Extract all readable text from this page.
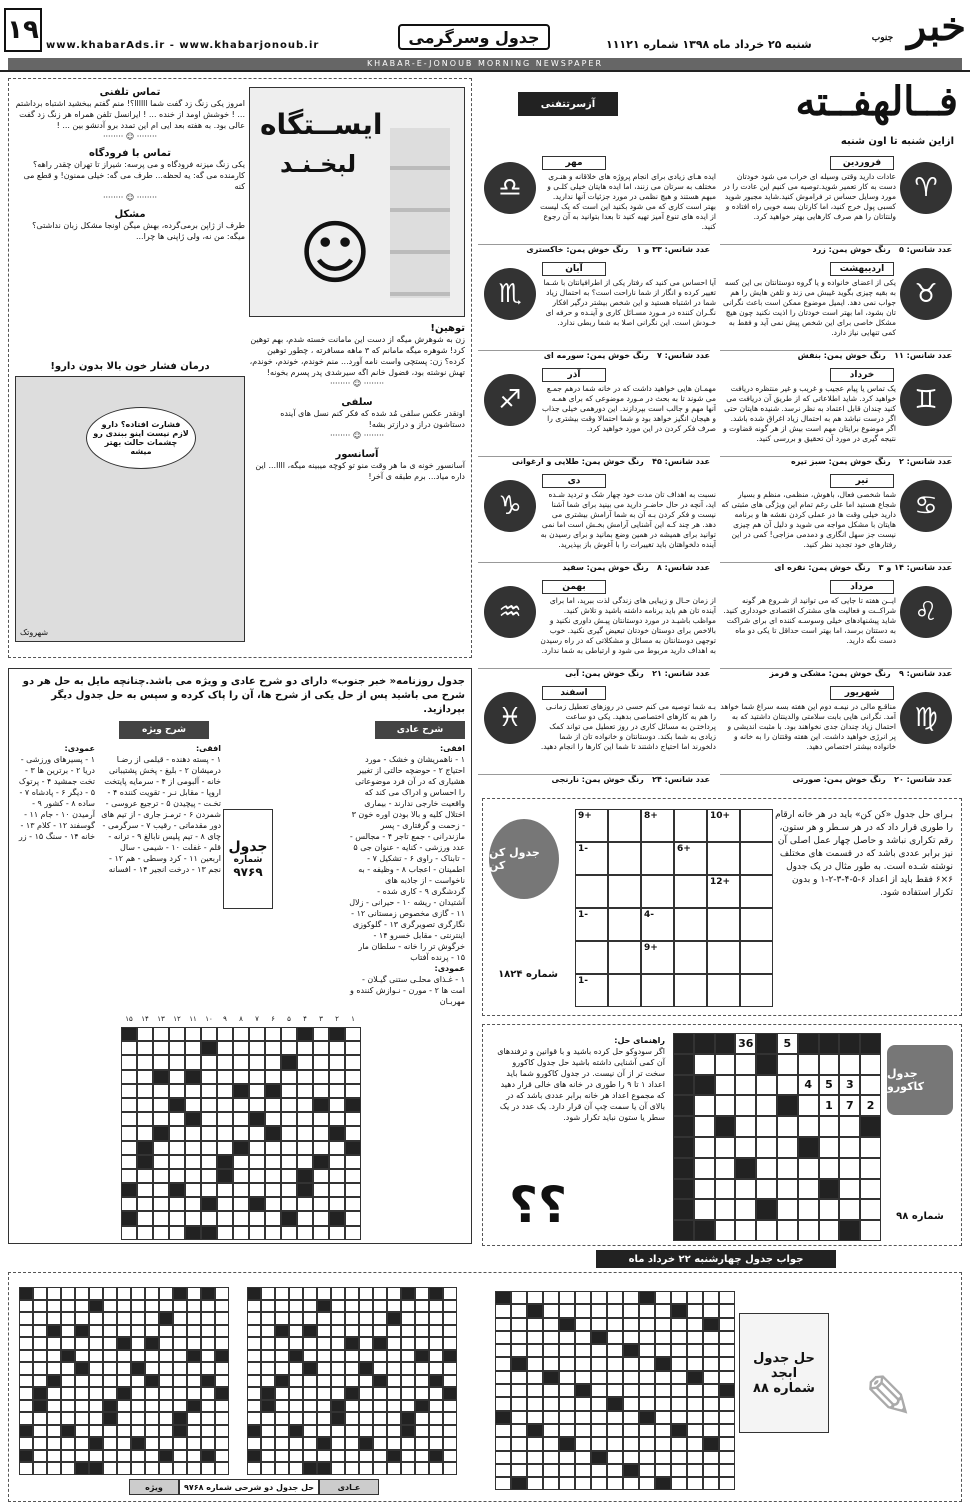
۱۹
www.khabarAds.ir - www.khabarjonoub.ir	جدول وسرگرمی	شنبه ۲۵ خرداد ماه ۱۳۹۸ شماره ۱۱۱۲۱	خبر جنوب
KHABAR-E-JONOUB MORNING NEWSPAPER
تماس تلفنی

امروز یکی زنگ زد گفت شما اااااا؟! منم گفتم ببخشید اشتباه برداشتم ... ! خوشش اومد از خنده ... ! ایرانسل تلفن همراه هر زنگ زد گفت عالی بود. به هفته بعد ایی ام این تمدد برو آدنشو بین ... !

········ ☺ ········
تماس با فرودگاه

یکی زنگ میزنه فرودگاه و می پرسه: شیراز تا تهران چقدر راهه؟ کارمنده می گه: یه لحظه... طرف می گه: خیلی ممنون! و قطع می کنه

········ ☺ ········
مشکل

طرف از ژاپن برمی‌گرده، بهش میگن اونجا مشکل زبان نداشتی؟ میگه: من نه، ولی ژاپنی ها چرا...

ایســتگاه
لبخـنـد
☺
درمان فشار خون بالا بدون دارو!
فشارت افتاده؟ دارو لازم نیست اینو ببندی رو چشمات حالت بهتر میشه
شهروتک
توهین!

زن به شوهرش میگه از دست این مامانت خسته شدم، بهم توهین کرد! شوهره میگه مامانم که ۳ ماهه مسافرته ، چطور توهین کرده؟ زن: پستچی واست نامه آورد... منم خوندم، خوندم، خوندم، تهش نوشته بود، فضول خانم اگه سیرشدی پدر پسرم بخونه!

········ ☺ ········
سلفی

اونقدر عکس سلفی مُد شده که فکر کنم نسل های آینده دستاشون دراز و درازتر بشه!

········ ☺ ········
آسانسور

آسانسور خونه ی ما هر وقت منو تو کوچه میبینه میگه، اااا... این داره میاد... برم طبقه ی آخر!

فــالهفــته
آزسرتتفنی
ازاین شنبه تا اون شنبه
فروردین
♈

عادات دارید وقتی وسیله ای خراب می شود خودتان دست به کار تعمیر شوید.توصیه می کنیم این عادت را در مورد وسایل حساس تر فراموش کنید.شاید مجبور شوید کسبی پول خرج کنید، اما کارتان بسه خوبی راه افتاده و ولنتاتان را هم صرف کارهایی بهتر خواهید کرد.

عدد شانس: ۵   رنگ خوش یمن: زرد
اردیبهشت
♉

یکی از اعضای خانواده و یا گروه دوستانتان بی این کسه به بقیه چیزی بگوید غیبش می زند و تلفن هایش را هم جواب نمی دهد. ایمیل موضوع ممکن است باعث نگرانی تان بشود، اما بهتر است خودتان را اذیت نکنید چون هیچ مشکل خاصی برای این شخص پیش نمی آید و فقط به کمی تنهایی نیاز دارد.

عدد شانس: ۱۱   رنگ خوش یمن: بنفش
خرداد
♊

یک تماس یا پیام عجیب و غریب و غیر منتظره دریافت خواهید کرد. شاید اطلاعاتی که از طریق آن دریافت می کنید چندان قابل اعتماد به نظر نرسد. شنیده هایتان حتی اگر درست نباشد هم به احتمال زیاد اغراق شده باشد. اگر موضوع برایتان مهم است بیش از هر گونه قضاوت و نتیجه گیری در مورد آن تحقیق و بررسی کنید.

عدد شانس: ۲   رنگ خوش یمن: سبز تیره
تیر
♋

شما شخصی فعال، باهوش، منظمی، منظم و بسیار شجاع هستید اما علی رغم تمام این ویژگی های مثبتی که دارید خیلی وقت ها در عملی کردن نقشه ها و برنامه هایتان با مشکل مواجه می شوید و دلیل آن هم چیزی نیست جز سهل انگاری و دمدمی مزاجی! کمی در این رفتارهای خود تجدید نظر کنید.

عدد شانس: ۱۴ و ۳   رنگ خوش یمن: نقره ای
مرداد
♌

ایــن هفته تا جایی که می توانید از شـروع هر گونه شراکــت و فعالیت های مشترک اقتصادی خودداری کنید. شاید پیشنهادهای خیلی وسوسـه کننده ای برای شراکت به دستتان برسد، اما بهتر است حداقل تا یکی دو ماه دست نگه دارید.

عدد شانس: ۹   رنگ خوش یمن: مشکی و قرمز
شهریور
♍

مناقـع مالی در نیمـه دوم این هفته بسه سراغ شما خواهد آمد. نگرانی هایی بابت سلامتی والدینتان داشتید که به احتمال زیاد چندان جدی نخواهند بود. با مثبت اندیشی و پر انرژی خواهید داشت. این هفته وقتتان را به خانه و خانواده بیشتر اختصاص دهید.

عدد شانس: ۲۰   رنگ خوش یمن: صورتی
مهر
♎	ایده هـای زیادی برای انجام پروژه های خلاقانه و هنـری مختلف به سرتان می زنند، اما ایده هایتان خیلی کلـی و مبهم هستند و هیچ نظمی در مورد جزئیات آنها ندارید. بهتر است کاری که می شود بکنید این است که یک لیست از ایده های تنوع آمیز تهیه کنید تا بعدا بتوانید به آن رجوع کنید.

عدد شانس: ۳۳ و ۱   رنگ خوش یمن: خاکستری
آبان
♏	آیا احساس می کنید که رفتار یکی از اطرافیانتان با شـما تغییر کرده و انگار از شما ناراحت است؟ به احتمال زیاد شما در اشتباه هستید و این شخص بیشتر درگیر افکار نگـران کننده در مـورد مسـائل کاری و آینـده و حرفه ای خـودش است. این نگرانی اصلا به شما ربطی ندارد.

عدد شانس: ۷   رنگ خوش یمن: سورمه ای
آذر
♐	مهمـان هایی خواهید داشت که در خانه شما درهم جمـع می شوند تا به بحث در مـورد موضوعی که برای همـه آنها مهم و جالب است بپردازند. این دورهمی خیلی جذاب و هیجان انگیز خواهد بود و شما احتمالا وقت بیشتری را صرف فکر کردن در این مورد خواهید کرد.

عدد شانس: ۴۵   رنگ خوش یمن: طلایی و ارغوانی
دی
♑	نسبت به اهداف تان مدت خود چهار شک و تردید شـده اید، آنچه در حال حاضـر دارید می بینید برای شما آشنا نیست و فکر کردن بـه آن به شما آرامش بیشتری می دهد. هر چند کـه این آشنایی آرامش بخـش است اما نمی توانید برای همیشه در همین وضع بمانید و برای رسیدن به آینده دلخواهتان باید تغییرات را با آغوش باز بپذیرید.

عدد شانس: ۸   رنگ خوش یمن: سفید
بهمن
♒	از زمان حـال و زیبایی های زندگی لذت ببرید، اما برای آینده تان هم باید برنامه داشته باشید و تلاش کنید. مواظب باشیـد در مورد دوستانتان پیـش داوری نکنید و بالاخص برای دوستان خودتان تبعیض گیری نکنید. خوب توجهی دوستانتان به مسائل و مشکلاتی که در راه رسیدن به اهداف دارید مربوط می شود و ارتباطی به شما ندارد.

عدد شانس: ۲۱   رنگ خوش یمن: آبی
اسفند
♓	بـه شما توصیه می کنم حسی در روزهای تعطیل زمانـی را هم به کارهای اختصاصی بدهید. یکی دو ساعت پرداختـن به مسائل کاری در روز تعطیل می تواند کمک زیادی به شما بکند. دوستانتان و خانواده تان از شما دلخورند اما احتیاج داشتند تا شما این کارها را انجام دهید.

عدد شانس: ۲۴   رنگ خوش یمن: نارنجی
جدول روزنامه« خبر جنوب» دارای دو شرح عادی و ویژه می باشد.چنانچه مایل به حل هر دو شرح می باشید پس از حل یکی از شرح ها، آن را پاک کرده و سپس به حل جدول دیگر بپردازید.
شرح عادی
افقی:

۱ - ناهمریشان و خشک - مورد احتیاج ۲ - حوضچه حالتی از تغییر هشیاری که در آن فرد موضوعاتی را احساس و ادراک می کند که واقعیت خارجی ندارند - بیماری اختلال کلیه و بالا بودن اوره خون ۳ - زحمت و گرفتاری - پسر مازندرانی - جمع تاجر ۴ - مجالس - عدد ورزشی - کنایه - عنوان جی ۵ - تابناک - راوی ۶ - تشکیل ۷ - اطمینان - اعجاب ۸ - وظیفه - به ناخواست - از جاذبه های گردشگری ۹ - کاری شده - آشتیدان - ریشه ۱۰ - حیرانی - زلال ۱۱ - گازی مخصوص زمستانی ۱۲ - نگارگری تصویرگری ۱۳ - گلوکوزی اینترنتی - مقابل خسرو ۱۴ - خرگوش تر را خانه - سلطان مار ۱۵ - پرنده آفتاب

عمودی:

۱ - غـذای محلـی ستنی گیـلان - امت ها ۲ - مورن - نـوازش کننده و مهربـان

شرح ویژه
افقی:

۱ - پسته دهنده - قیلمی از رضـا درمیشان ۲ - بلیغ - پخش پشتیبانی خانه - آلبومی از ۴ - سرمایه پایتخت اروپا - مقابل نـر - تقویت کننده ۴ - تخـت - پیچیدن ۵ - ترجیع عروسی - شمردن ۶ - ترمـز جاری - از تیم های دور مقدماتی - رقیب ۷ - سرگرمی - چای ۸ - تیم پلیس نابالغ ۹ - ترانه - قلم - غفلت ۱۰ - شیمی - سال اربعین ۱۱ - کرد وسطی - هم ۱۲ - نجم ۱۳ - درخت انجیر ۱۴ - افسانه

عمودی:

۱ - پسیرهای ورزشی - دریا ۲ - برترین ها ۳ - تخت جمشید ۴ - پرتوک ۵ - دیگر ۶ - پادشاه ۷ - ساده ۸ - کشور ۹ - آرمیدن ۱۰ - جام ۱۱ - گوسفند ۱۲ - کلام ۱۳ - خانه ۱۴ - سنگ ۱۵ - زر

جدول
شماره
۹۷۶۹
۱۵	۱۴	۱۳	۱۲	۱۱	۱۰	۹	۸	۷	۶	۵	۴	۳	۲	۱
بـرای حل جدول «کن کن» باید در هر خانه ارقام را طوری قرار داد که در هر سـطر و هر ستون، رقم تکراری نباشد و حاصل چهار عمل اصلی آن نیز برابر عددی باشد که در قسمت های مختلف نوشته شـده است. به طور مثال در یک جدول ۶×۶ فقط باید از اعداد ۶-۵-۴-۳-۲-۱ و بدون تکرار استفاده شود.
9+	8+	10+
1-	6+
12+
1-	4-
9+
1-
جدول کن کن
شماره ۱۸۲۴
راهنمای حل:

اگر سودوکو حل کرده باشید و با قوانین و ترفندهای آن کمی آشنایی داشته باشید حل جدول کاکورو سخت تر از آن نیست. در جدول کاکورو شما باید اعداد ۱ تا ۹ را طوری در خانه های خالی قرار دهید که مجموع اعداد هر خانه برابر عددی باشد که در بالای آن یا سمت چپ آن قرار دارد. یک عدد در یک سطر یا ستون نباید تکرار شود.

؟؟
36	5
4	5	3
1	7	2
جدول کاکورو
شماره ۹۸
جواب جدول چهارشنبه ۲۲ خرداد ماه
حل جدول دو شرحی شماره ۹۷۶۸	عـادی
ویژه
حل جدول
ابجد
شماره ۸۸ ✎
